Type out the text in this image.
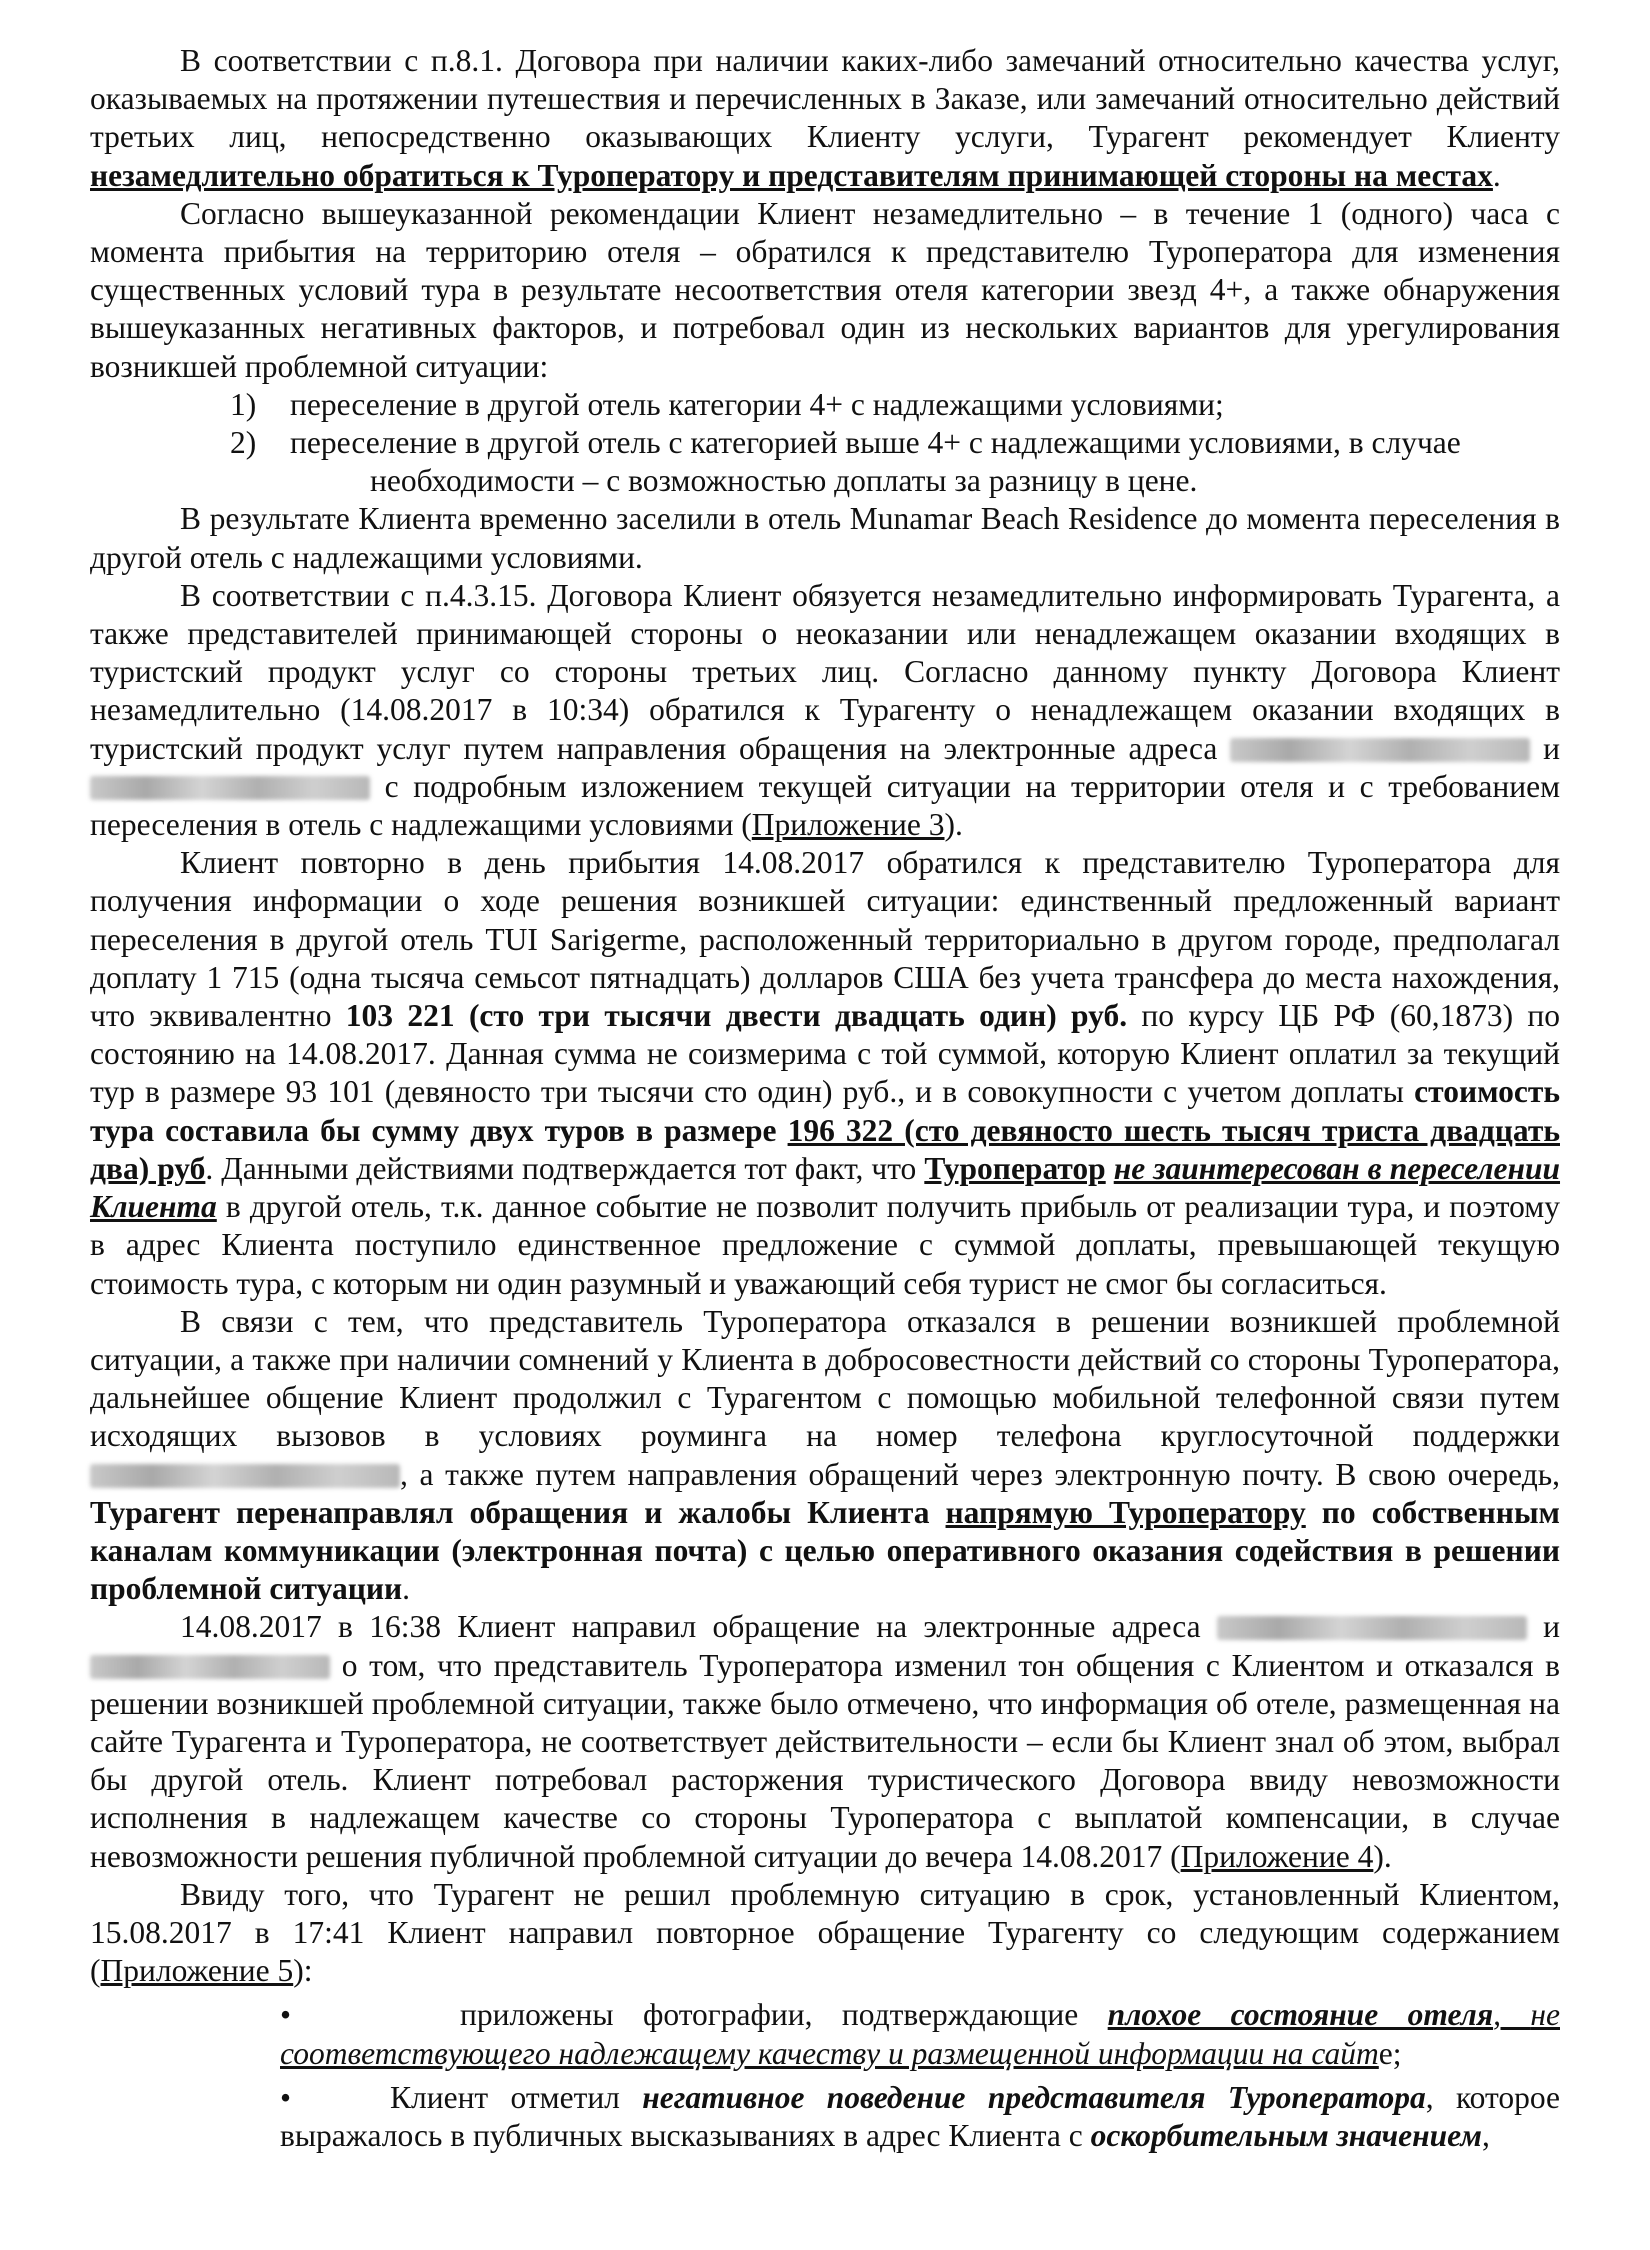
В соответствии с п.8.1. Договора при наличии каких-либо замечаний относительно качества услуг, оказываемых на протяжении путешествия и перечисленных в Заказе, или замечаний относительно действий третьих лиц, непосредственно оказывающих Клиенту услуги, Турагент рекомендует Клиенту незамедлительно обратиться к Туроператору и представителям принимающей стороны на местах.

Согласно вышеуказанной рекомендации Клиент незамедлительно – в течение 1 (одного) часа с момента прибытия на территорию отеля – обратился к представителю Туроператора для изменения существенных условий тура в результате несоответствия отеля категории звезд 4+, а также обнаружения вышеуказанных негативных факторов, и потребовал один из нескольких вариантов для урегулирования возникшей проблемной ситуации:

1) переселение в другой отель категории 4+ с надлежащими условиями;
2) переселение в другой отель с категорией выше 4+ с надлежащими условиями, в случае
необходимости – с возможностью доплаты за разницу в цене.

В результате Клиента временно заселили в отель Munamar Beach Residence до момента переселения в другой отель с надлежащими условиями.

В соответствии с п.4.3.15. Договора Клиент обязуется незамедлительно информировать Турагента, а также представителей принимающей стороны о неоказании или ненадлежащем оказании входящих в туристский продукт услуг со стороны третьих лиц. Согласно данному пункту Договора Клиент незамедлительно (14.08.2017 в 10:34) обратился к Турагенту о ненадлежащем оказании входящих в туристский продукт услуг путем направления обращения на электронные адреса	и  с подробным изложением текущей ситуации на территории отеля и с требованием переселения в отель с надлежащими условиями (Приложение 3).

Клиент повторно в день прибытия 14.08.2017 обратился к представителю Туроператора для получения информации о ходе решения возникшей ситуации: единственный предложенный вариант переселения в другой отель TUI Sarigerme, расположенный территориально в другом городе, предполагал доплату 1 715 (одна тысяча семьсот пятнадцать) долларов США без учета трансфера до места нахождения, что эквивалентно 103 221 (сто три тысячи двести двадцать один) руб. по курсу ЦБ РФ (60,1873) по состоянию на 14.08.2017. Данная сумма не соизмерима с той суммой, которую Клиент оплатил за текущий тур в размере 93 101 (девяносто три тысячи сто один) руб., и в совокупности с учетом доплаты стоимость тура составила бы сумму двух туров в размере 196 322 (сто девяносто шесть тысяч триста двадцать два) руб. Данными действиями подтверждается тот факт, что Туроператор не заинтересован в переселении Клиента в другой отель, т.к. данное событие не позволит получить прибыль от реализации тура, и поэтому в адрес Клиента поступило единственное предложение с суммой доплаты, превышающей текущую стоимость тура, с которым ни один разумный и уважающий себя турист не смог бы согласиться.

В связи с тем, что представитель Туроператора отказался в решении возникшей проблемной ситуации, а также при наличии сомнений у Клиента в добросовестности действий со стороны Туроператора, дальнейшее общение Клиент продолжил с Турагентом с помощью мобильной телефонной связи путем исходящих вызовов в условиях роуминга на номер телефона круглосуточной поддержки , а также путем направления обращений через электронную почту. В свою очередь, Турагент перенаправлял обращения и жалобы Клиента напрямую Туроператору по собственным каналам коммуникации (электронная почта) с целью оперативного оказания содействия в решении проблемной ситуации.

14.08.2017 в 16:38 Клиент направил обращение на электронные адреса	и  о том, что представитель Туроператора изменил тон общения с Клиентом и отказался в решении возникшей проблемной ситуации, также было отмечено, что информация об отеле, размещенная на сайте Турагента и Туроператора, не соответствует действительности – если бы Клиент знал об этом, выбрал бы другой отель. Клиент потребовал расторжения туристического Договора ввиду невозможности исполнения в надлежащем качестве со стороны Туроператора с выплатой компенсации, в случае невозможности решения публичной проблемной ситуации до вечера 14.08.2017 (Приложение 4).

Ввиду того, что Турагент не решил проблемную ситуацию в срок, установленный Клиентом, 15.08.2017 в 17:41 Клиент направил повторное обращение Турагенту со следующим содержанием (Приложение 5):

•	приложены фотографии, подтверждающие плохое состояние отеля, не соответствующего надлежащему качеству и размещенной информации на сайте;
•	Клиент отметил негативное поведение представителя Туроператора, которое выражалось в публичных высказываниях в адрес Клиента с оскорбительным значением,
